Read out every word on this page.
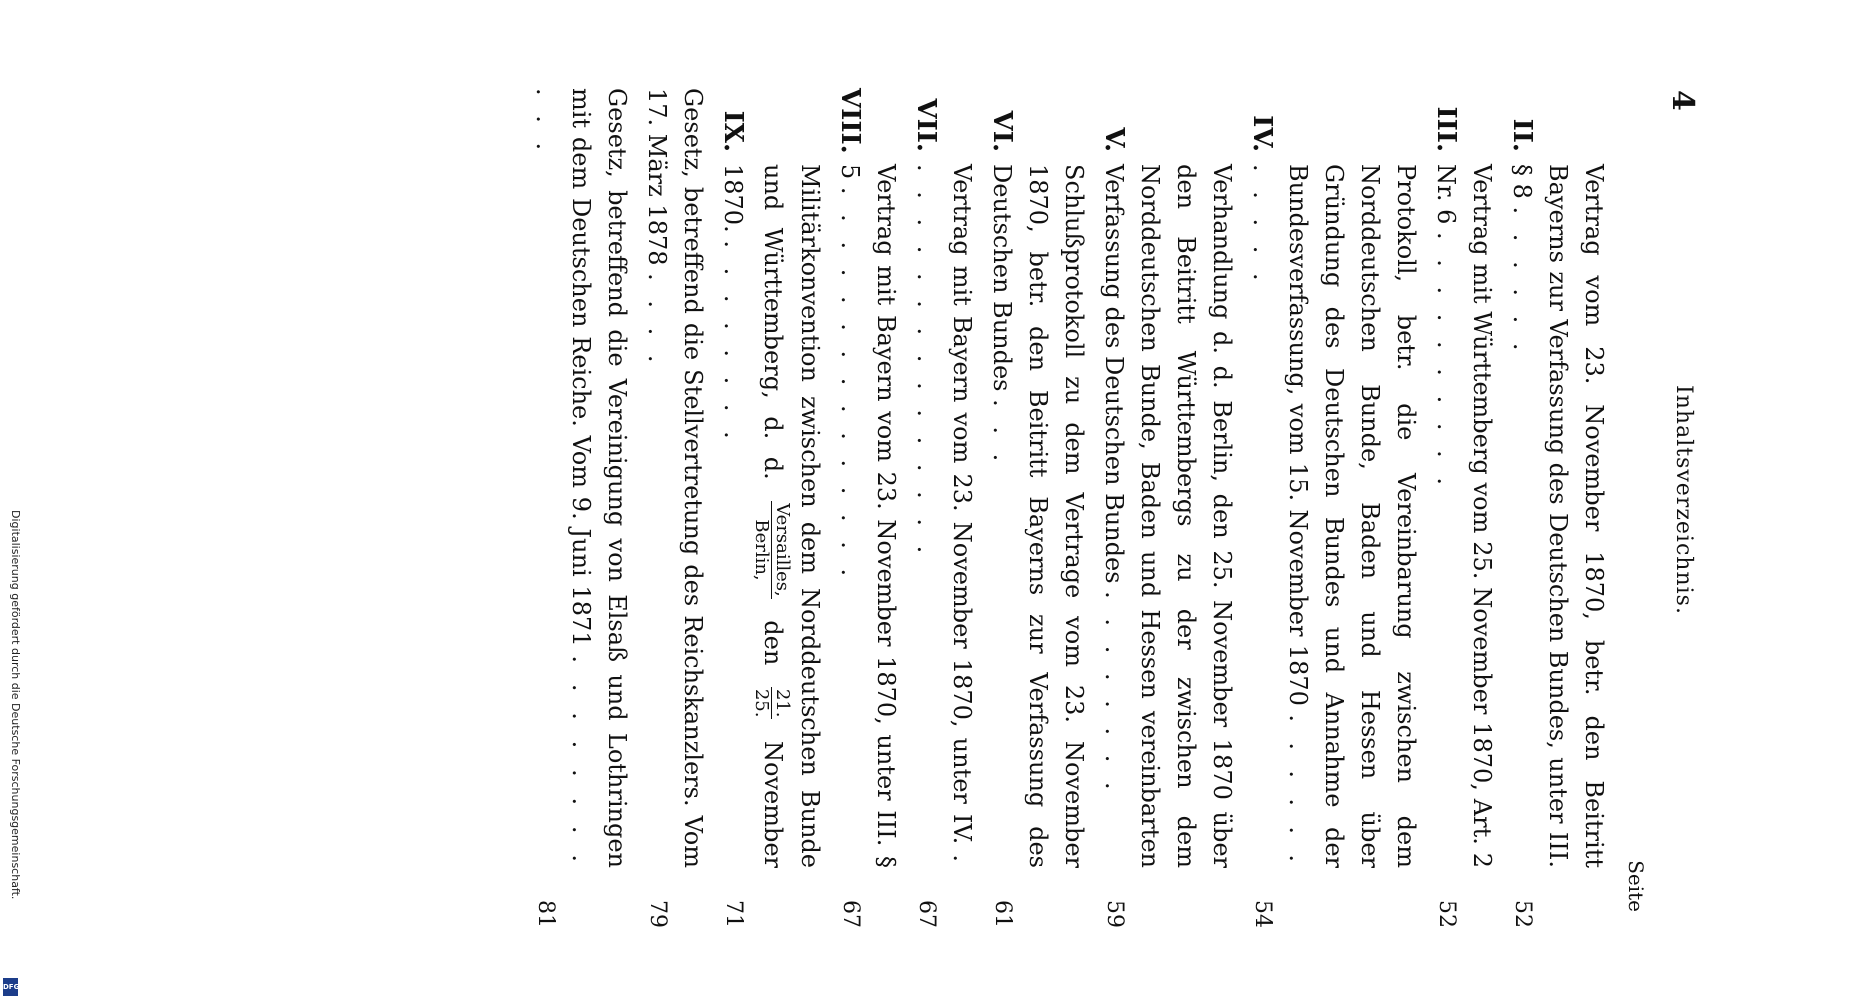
4
Inhaltsverzeichnis.
Seite
II.
Vertrag vom 23. November 1870, betr. den Beitritt Bayerns zur Verfassung des Deutschen Bundes, unter III. § 8 . . . . . .
52
III.
Vertrag mit Württemberg vom 25. November 1870, Art. 2 Nr. 6 . . . . . . . . . .
52
IV.
Protokoll, betr. die Vereinbarung zwischen dem Norddeutschen Bunde, Baden und Hessen über Gründung des Deutschen Bundes und Annahme der Bundesverfassung, vom 15. November 1870 . . . . . . . . . . .
54
V.
Verhandlung d. d. Berlin, den 25. November 1870 über den Beitritt Württembergs zu der zwischen dem Norddeutschen Bunde, Baden und Hessen vereinbarten Verfassung des Deutschen Bundes . . . . . . . .
59
VI.
Schlußprotokoll zu dem Vertrage vom 23. November 1870, betr. den Beitritt Bayerns zur Verfassung des Deutschen Bundes . . .
61
VII.
Vertrag mit Bayern vom 23. November 1870, unter IV. . . . . . . . . . . . . . . . .
67
VIII.
Vertrag mit Bayern vom 23. November 1870, unter III. § 5 . . . . . . . . . . . . . . .
67
IX.
Militärkonvention zwischen dem Norddeutschen Bunde und Württemberg, d. d.
Versailles,
Berlin,
den
21.
25.
November 1870. . . . . . . . .
71
Gesetz, betreffend die Stellvertretung des Reichskanzlers. Vom 17. März 1878 . . . .
79
Gesetz, betreffend die Vereinigung von Elsaß und Lothringen mit dem Deutschen Reiche. Vom 9. Juni 1871 . . . . . . . . . . .
81
Digitalisierung gefördert durch die Deutsche Forschungsgemeinschaft.
DFG
